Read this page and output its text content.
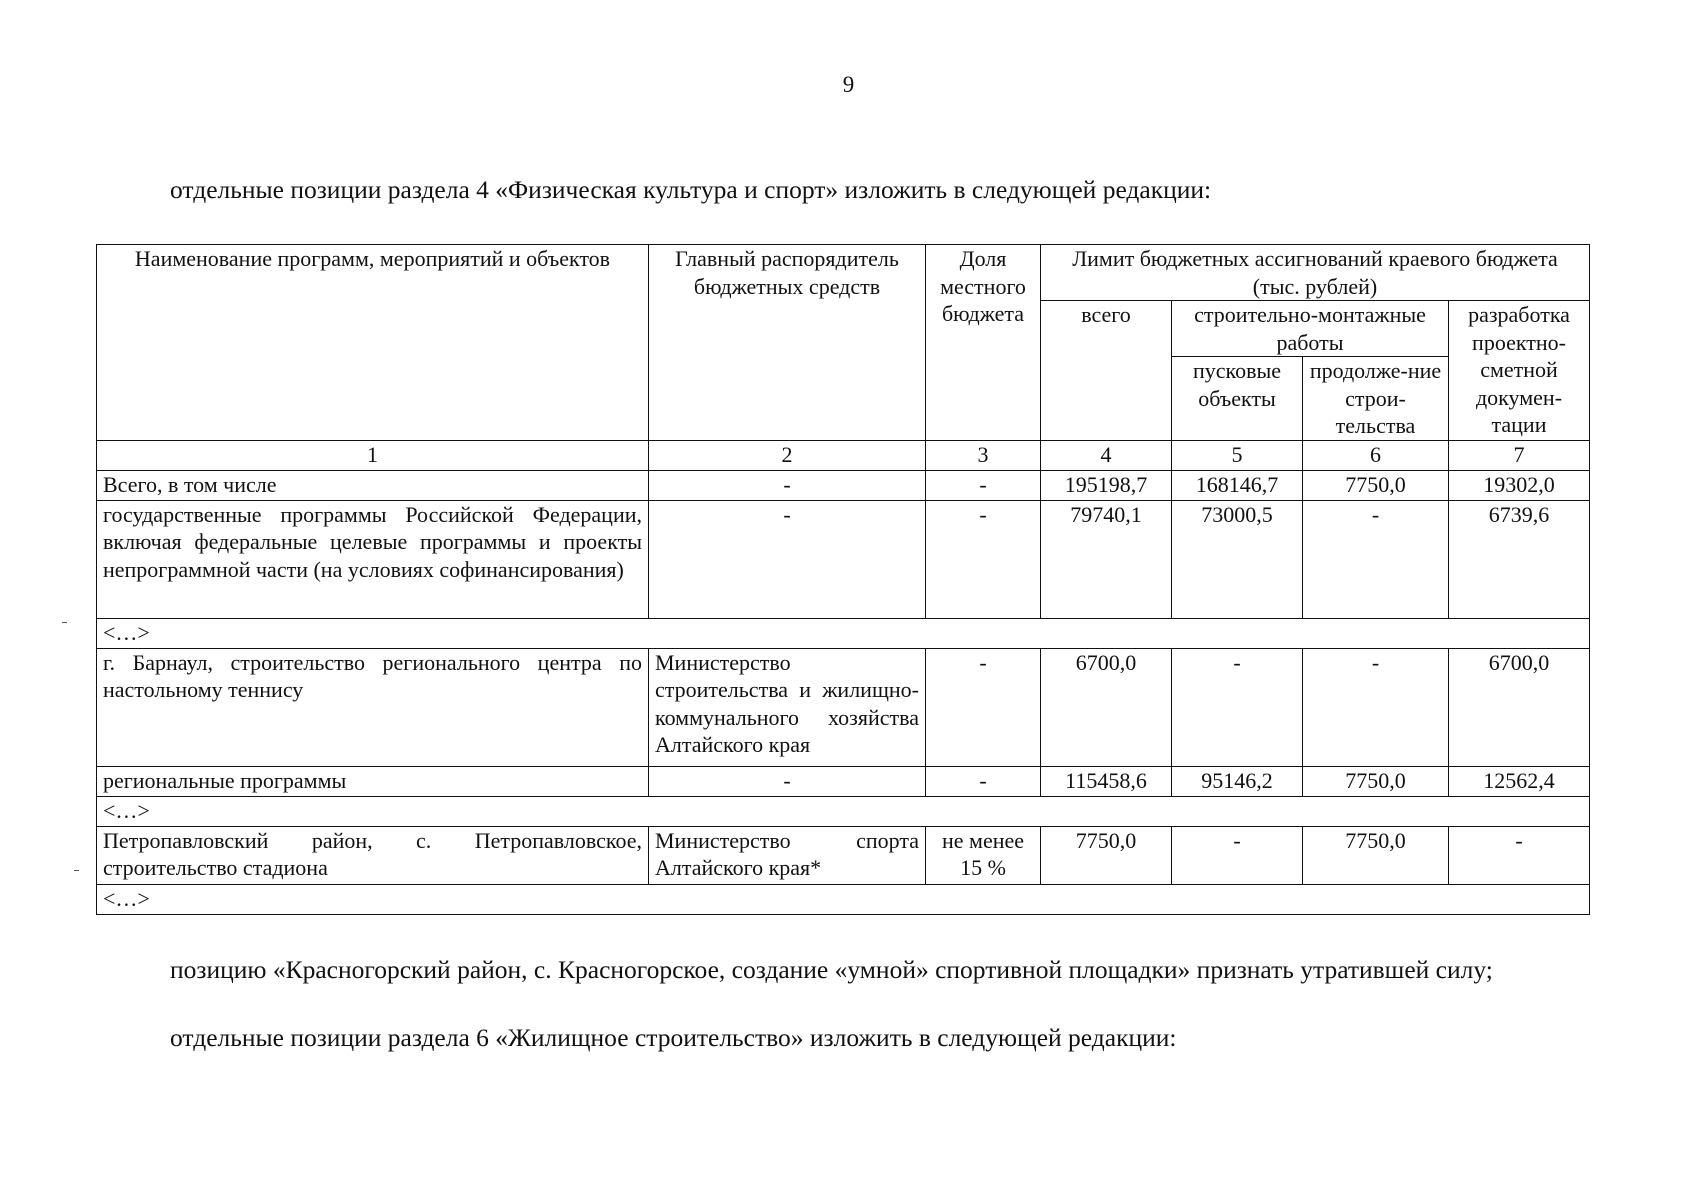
9
отдельные позиции раздела 4 «Физическая культура и спорт» изложить в следующей редакции:
Наименование программ, мероприятий и объектов	Главный распорядитель бюджетных средств	Доля местного бюджета	Лимит бюджетных ассигнований краевого бюджета (тыс. рублей)			
			всего	строительно-монтажные работы		разработка проектно-сметной докумен-тации
				пусковые объекты	продолже-ние строи-тельства	
1	2	3	4	5	6	7
Всего, в том числе	-	-	195198,7	168146,7	7750,0	19302,0
государственные программы Российской Федерации, включая федеральные целевые программы и проекты непрограммной части (на условиях софинансирования)	-	-	79740,1	73000,5	-	6739,6
<…>						
г. Барнаул, строительство регионального центра по настольному теннису	Министерство строительства и жилищно-коммунального хозяйства Алтайского края	-	6700,0	-	-	6700,0
региональные программы	-	-	115458,6	95146,2	7750,0	12562,4
<…>						
Петропавловский район, с. Петропавловское, строительство стадиона	Министерство спорта Алтайского края*	не менее 15 %	7750,0	-	7750,0	-
<…>						
позицию «Красногорский район, с. Красногорское, создание «умной» спортивной площадки» признать утратившей силу;
отдельные позиции раздела 6 «Жилищное строительство» изложить в следующей редакции:
